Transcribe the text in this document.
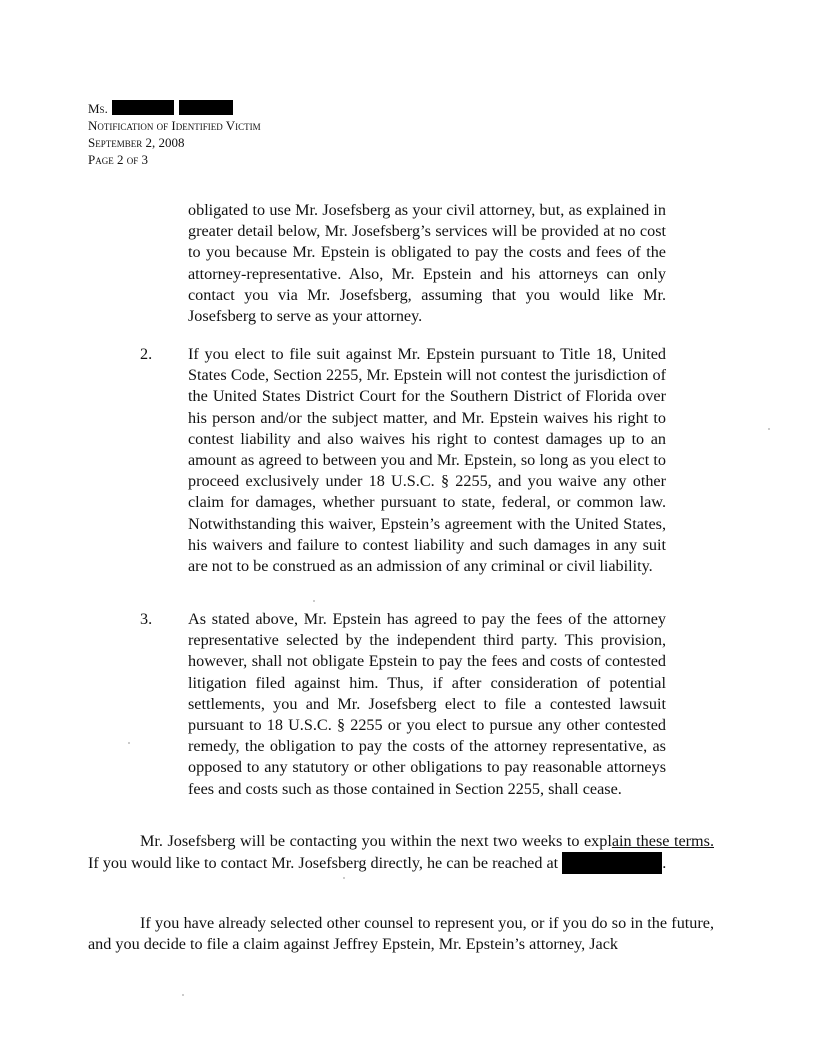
Ms.
Notification of Identified Victim
September 2, 2008
Page 2 of 3
obligated to use Mr. Josefsberg as your civil attorney, but, as explained in greater detail below, Mr. Josefsberg’s services will be provided at no cost to you because Mr. Epstein is obligated to pay the costs and fees of the attorney-representative. Also, Mr. Epstein and his attorneys can only contact you via Mr. Josefsberg, assuming that you would like Mr. Josefsberg to serve as your attorney.
2.	If you elect to file suit against Mr. Epstein pursuant to Title 18, United States Code, Section 2255, Mr. Epstein will not contest the jurisdiction of the United States District Court for the Southern District of Florida over his person and/or the subject matter, and Mr. Epstein waives his right to contest liability and also waives his right to contest damages up to an amount as agreed to between you and Mr. Epstein, so long as you elect to proceed exclusively under 18 U.S.C. § 2255, and you waive any other claim for damages, whether pursuant to state, federal, or common law. Notwithstanding this waiver, Epstein’s agreement with the United States, his waivers and failure to contest liability and such damages in any suit are not to be construed as an admission of any criminal or civil liability.
3.	As stated above, Mr. Epstein has agreed to pay the fees of the attorney representative selected by the independent third party. This provision, however, shall not obligate Epstein to pay the fees and costs of contested litigation filed against him. Thus, if after consideration of potential settlements, you and Mr. Josefsberg elect to file a contested lawsuit pursuant to 18 U.S.C. § 2255 or you elect to pursue any other contested remedy, the obligation to pay the costs of the attorney representative, as opposed to any statutory or other obligations to pay reasonable attorneys fees and costs such as those contained in Section 2255, shall cease.
Mr. Josefsberg will be contacting you within the next two weeks to explain these terms. If you would like to contact Mr. Josefsberg directly, he can be reached at	.
If you have already selected other counsel to represent you, or if you do so in the future, and you decide to file a claim against Jeffrey Epstein, Mr. Epstein’s attorney, Jack
